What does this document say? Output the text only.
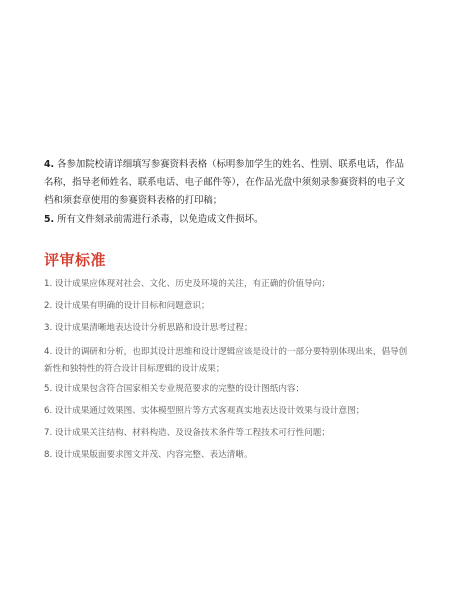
4. 各参加院校请详细填写参赛资料表格（标明参加学生的姓名、性别、联系电话，作品名称，指导老师姓名、联系电话、电子邮件等），在作品光盘中须刻录参赛资料的电子文档和须套章使用的参赛资料表格的打印稿；

5. 所有文件刻录前需进行杀毒，以免造成文件损坏。

评审标准
1. 设计成果应体现对社会、文化、历史及环境的关注，有正确的价值导向；
2. 设计成果有明确的设计目标和问题意识；
3. 设计成果清晰地表达设计分析思路和设计思考过程；
4. 设计的调研和分析，也即其设计思维和设计逻辑应该是设计的一部分要特别体现出来，倡导创新性和独特性的符合设计目标逻辑的设计成果；
5. 设计成果包含符合国家相关专业规范要求的完整的设计图纸内容；
6. 设计成果通过效果图、实体模型照片等方式客观真实地表达设计效果与设计意图；
7. 设计成果关注结构、材料构造、及设备技术条件等工程技术可行性问题；
8. 设计成果版面要求图文并茂、内容完整、表达清晰。
